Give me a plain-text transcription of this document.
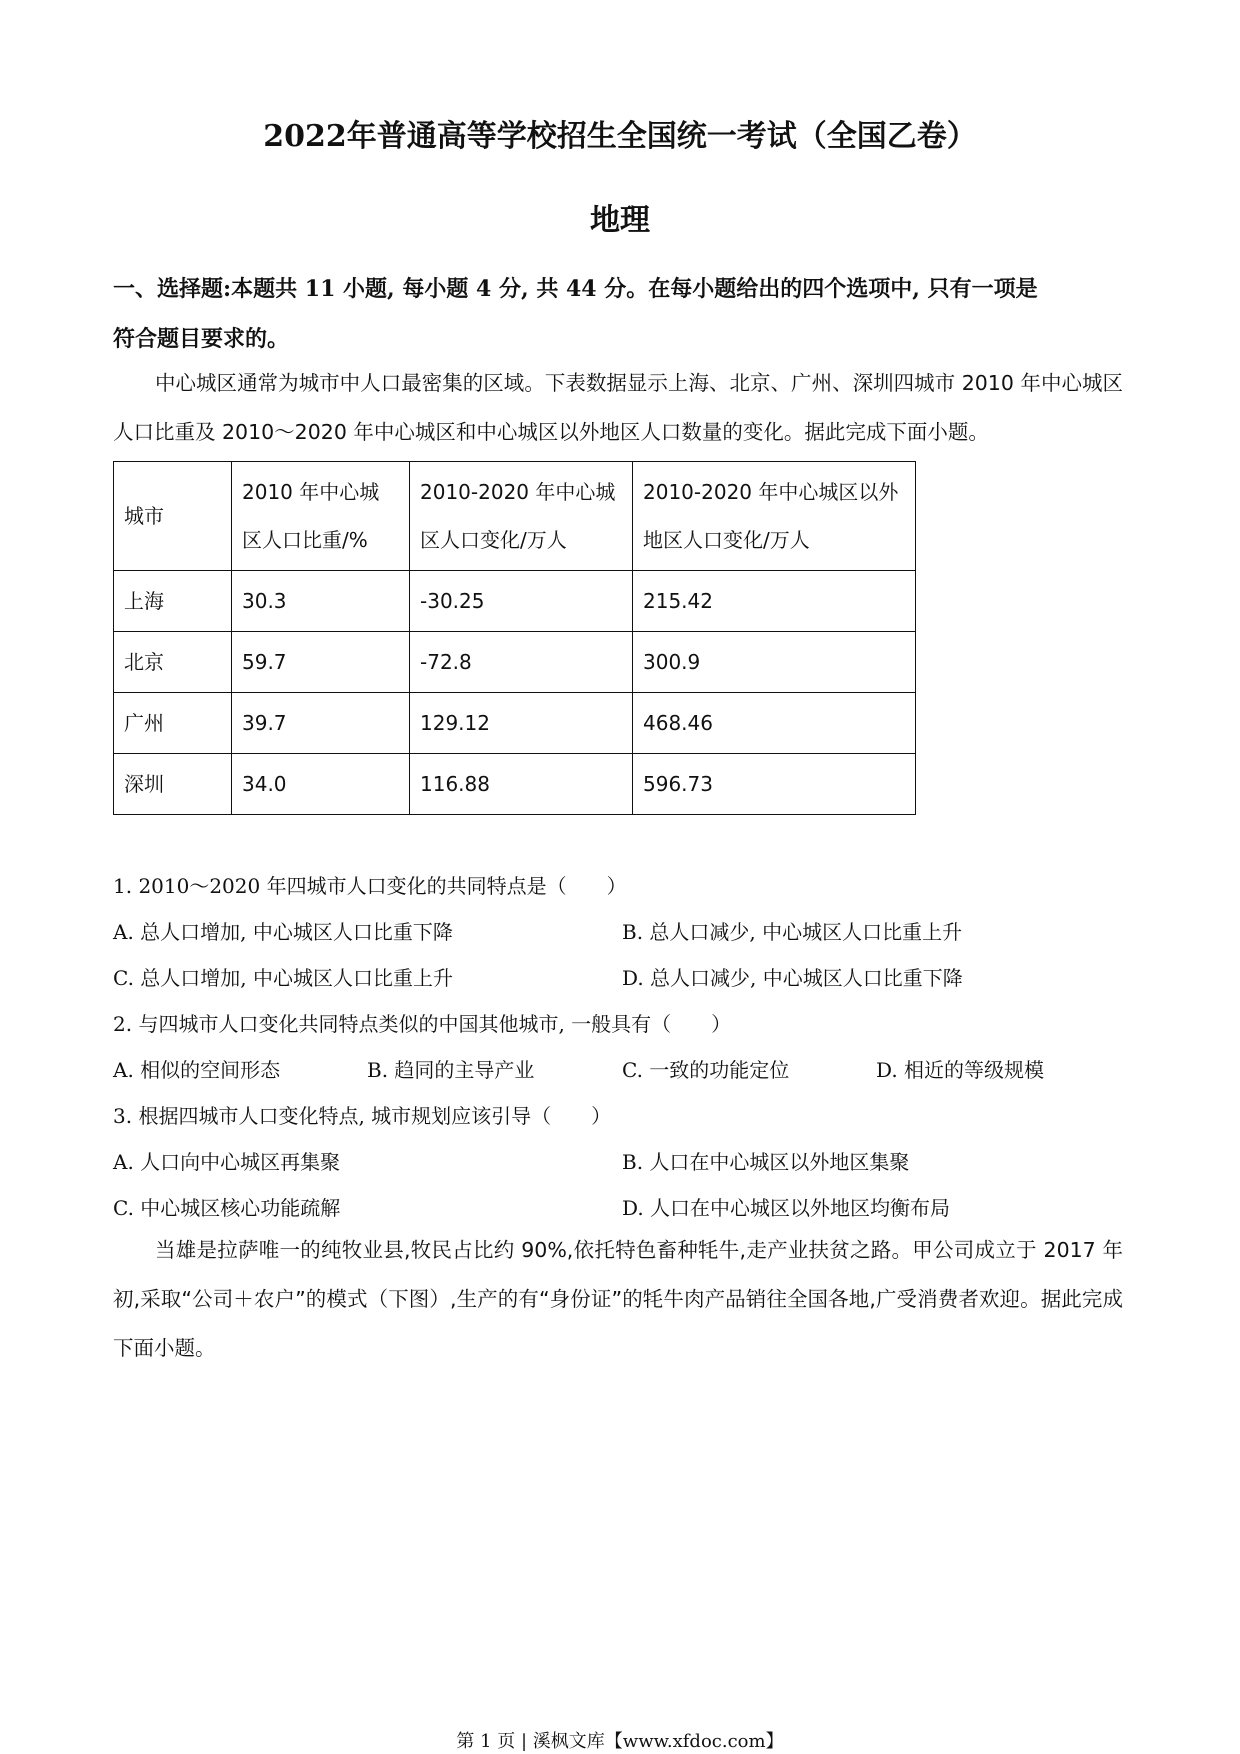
2022年普通高等学校招生全国统一考试（全国乙卷）
地理
一、选择题:本题共 11 小题, 每小题 4 分, 共 44 分。在每小题给出的四个选项中, 只有一项是
符合题目要求的。
中心城区通常为城市中人口最密集的区域。下表数据显示上海、北京、广州、深圳四城市 2010 年中心城区人口比重及 2010～2020 年中心城区和中心城区以外地区人口数量的变化。据此完成下面小题。
城市	2010 年中心城区人口比重/%	2010-2020 年中心城区人口变化/万人	2010-2020 年中心城区以外地区人口变化/万人
上海	30.3	-30.25	215.42
北京	59.7	-72.8	300.9
广州	39.7	129.12	468.46
深圳	34.0	116.88	596.73
1. 2010～2020 年四城市人口变化的共同特点是（　　）
A. 总人口增加, 中心城区人口比重下降	B. 总人口减少, 中心城区人口比重上升
C. 总人口增加, 中心城区人口比重上升	D. 总人口减少, 中心城区人口比重下降
2. 与四城市人口变化共同特点类似的中国其他城市, 一般具有（　　）
A. 相似的空间形态	B. 趋同的主导产业	C. 一致的功能定位	D. 相近的等级规模
3. 根据四城市人口变化特点, 城市规划应该引导（　　）
A. 人口向中心城区再集聚	B. 人口在中心城区以外地区集聚
C. 中心城区核心功能疏解	D. 人口在中心城区以外地区均衡布局
当雄是拉萨唯一的纯牧业县,牧民占比约 90%,依托特色畜种牦牛,走产业扶贫之路。甲公司成立于 2017 年初,采取“公司＋农户”的模式（下图）,生产的有“身份证”的牦牛肉产品销往全国各地,广受消费者欢迎。据此完成下面小题。
第 1 页 | 溪枫文库【www.xfdoc.com】
